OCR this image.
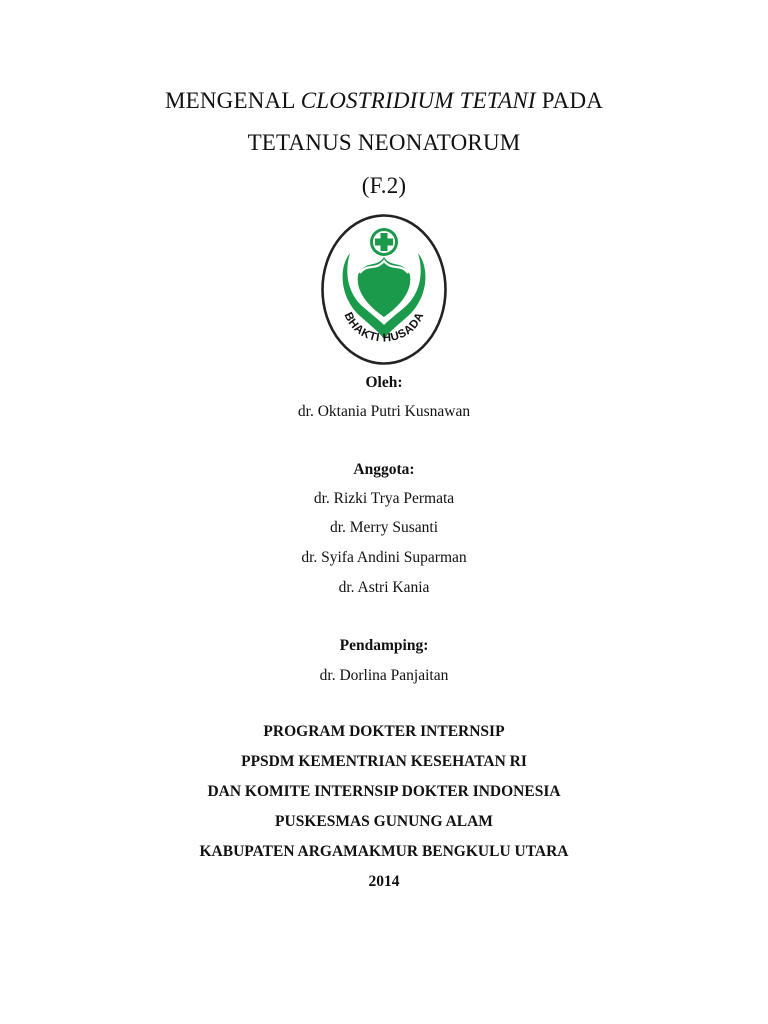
MENGENAL CLOSTRIDIUM TETANI PADA
TETANUS NEONATORUM
(F.2)
BHAKTI HUSADA
Oleh:
dr. Oktania Putri Kusnawan
Anggota:
dr. Rizki Trya Permata
dr. Merry Susanti
dr. Syifa Andini Suparman
dr. Astri Kania
Pendamping:
dr. Dorlina Panjaitan
PROGRAM DOKTER INTERNSIP
PPSDM KEMENTRIAN KESEHATAN RI
DAN KOMITE INTERNSIP DOKTER INDONESIA
PUSKESMAS GUNUNG ALAM
KABUPATEN ARGAMAKMUR BENGKULU UTARA
2014
